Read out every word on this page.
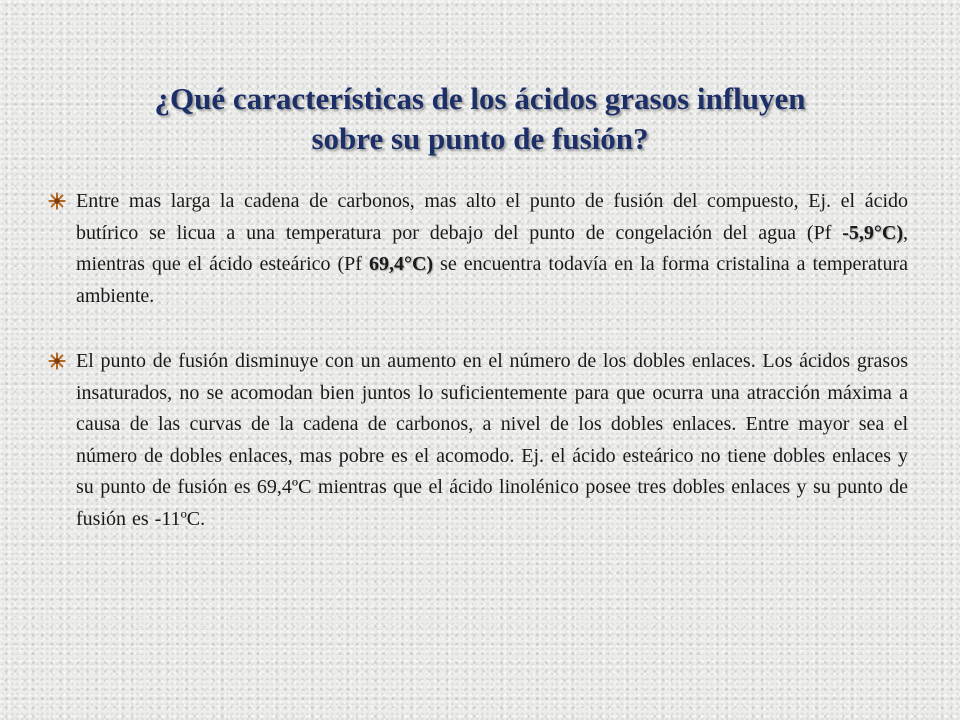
¿Qué características de los ácidos grasos influyen
sobre su punto de fusión?
Entre mas larga la cadena de carbonos, mas alto el punto de fusión del compuesto, Ej. el ácido butírico se licua a una temperatura por debajo del punto de congelación del agua (Pf -5,9°C), mientras que el ácido esteárico (Pf 69,4°C) se encuentra todavía en la forma cristalina a temperatura ambiente.
El punto de fusión disminuye con un aumento en el número de los dobles enlaces. Los ácidos grasos insaturados, no se acomodan bien juntos lo suficientemente para que ocurra una atracción máxima a causa de las curvas de la cadena de carbonos, a nivel de los dobles enlaces. Entre mayor sea el número de dobles enlaces, mas pobre es el acomodo. Ej. el ácido esteárico no tiene dobles enlaces y su punto de fusión es 69,4ºC mientras que el ácido linolénico posee tres dobles enlaces y su punto de fusión es -11ºC.
